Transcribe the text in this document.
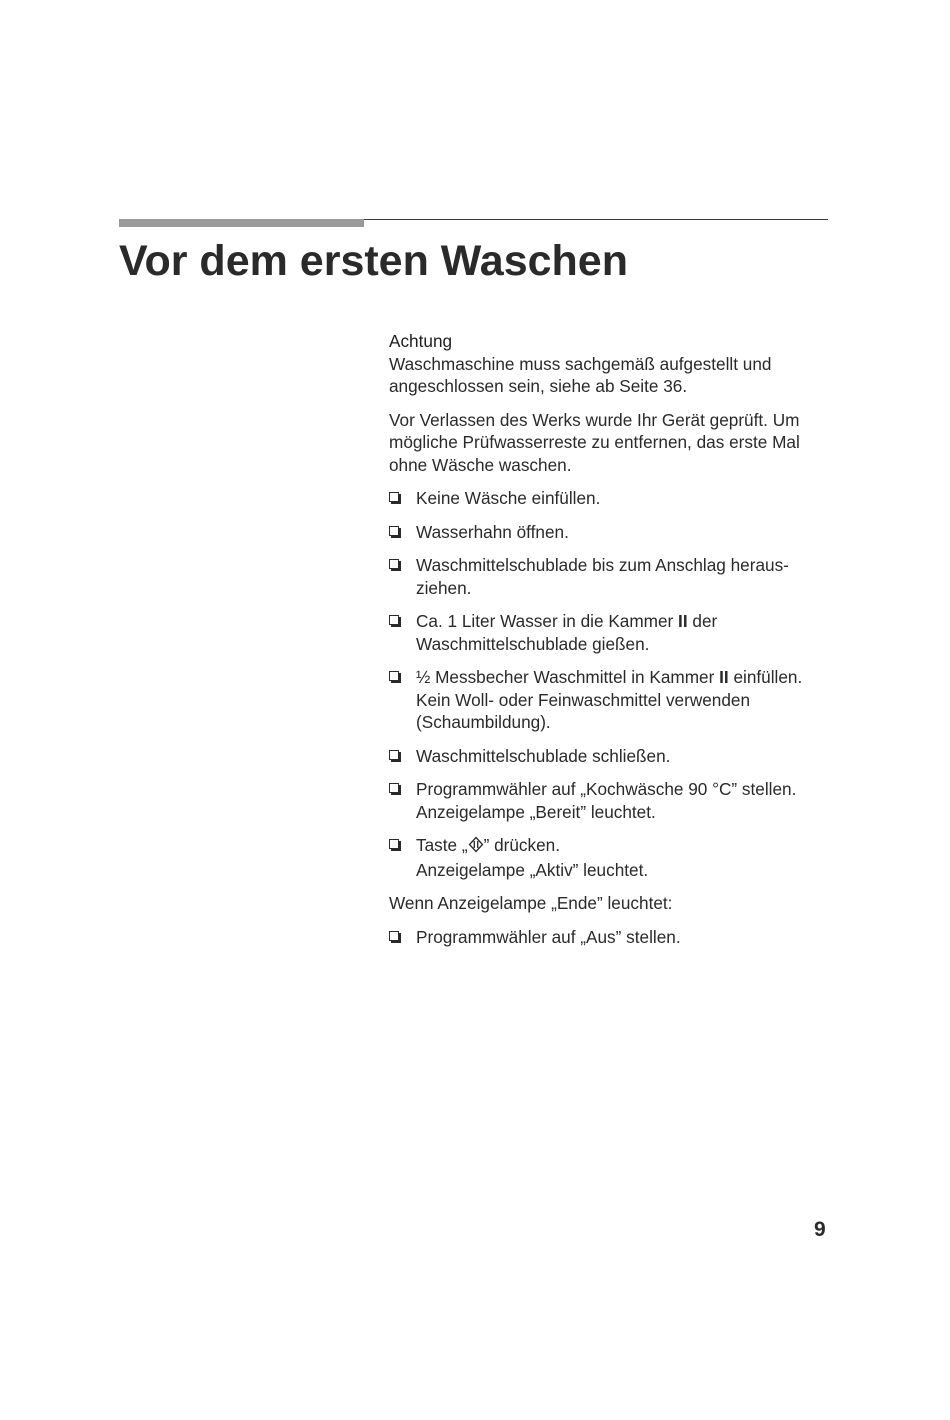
Vor dem ersten Waschen
Achtung
Waschmaschine muss sachgemäß aufgestellt und
angeschlossen sein, siehe ab Seite 36.
Vor Verlassen des Werks wurde Ihr Gerät geprüft. Um
mögliche Prüfwasserreste zu entfernen, das erste Mal
ohne Wäsche waschen.
Keine Wäsche einfüllen.
Wasserhahn öffnen.
Waschmittelschublade bis zum Anschlag heraus-
ziehen.
Ca. 1 Liter Wasser in die Kammer II der
Waschmittelschublade gießen.
½ Messbecher Waschmittel in Kammer II einfüllen.
Kein Woll- oder Feinwaschmittel verwenden
(Schaumbildung).
Waschmittelschublade schließen.
Programmwähler auf „Kochwäsche 90 °C” stellen.
Anzeigelampe „Bereit” leuchtet.
Taste „ ” drücken.
Anzeigelampe „Aktiv” leuchtet.

Wenn Anzeigelampe „Ende” leuchtet:

Programmwähler auf „Aus” stellen.
9
